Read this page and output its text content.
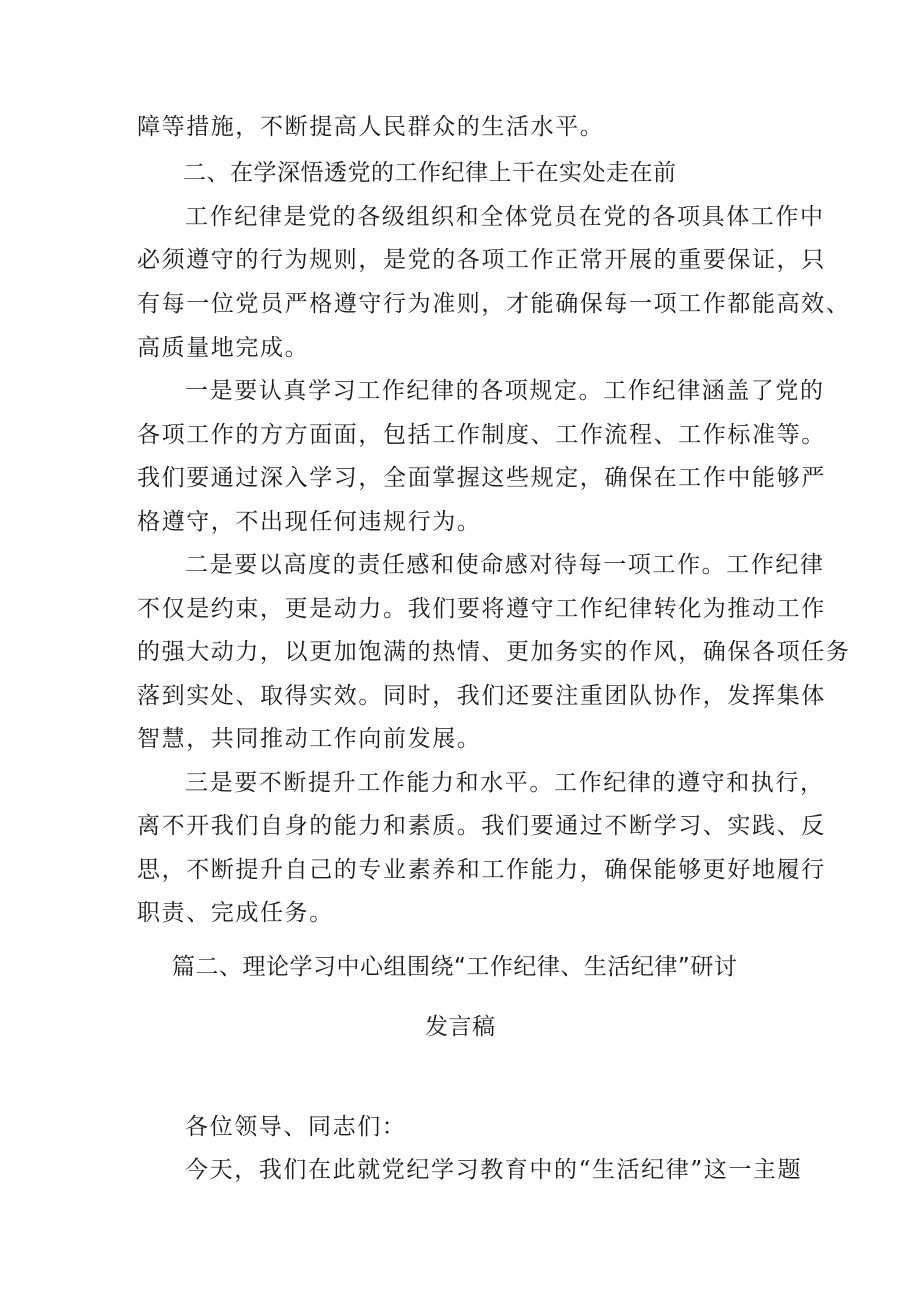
障等措施，不断提高人民群众的生活水平。
二、在学深悟透党的工作纪律上干在实处走在前
工作纪律是党的各级组织和全体党员在党的各项具体工作中
必须遵守的行为规则，是党的各项工作正常开展的重要保证，只
有每一位党员严格遵守行为准则，才能确保每一项工作都能高效、
高质量地完成。
一是要认真学习工作纪律的各项规定。工作纪律涵盖了党的
各项工作的方方面面，包括工作制度、工作流程、工作标准等。
我们要通过深入学习，全面掌握这些规定，确保在工作中能够严
格遵守，不出现任何违规行为。
二是要以高度的责任感和使命感对待每一项工作。工作纪律
不仅是约束，更是动力。我们要将遵守工作纪律转化为推动工作
的强大动力，以更加饱满的热情、更加务实的作风，确保各项任务
落到实处、取得实效。同时，我们还要注重团队协作，发挥集体
智慧，共同推动工作向前发展。
三是要不断提升工作能力和水平。工作纪律的遵守和执行，
离不开我们自身的能力和素质。我们要通过不断学习、实践、反
思，不断提升自己的专业素养和工作能力，确保能够更好地履行
职责、完成任务。
篇二、理论学习中心组围绕“工作纪律、生活纪律”研讨
发言稿
各位领导、同志们：
今天，我们在此就党纪学习教育中的“生活纪律”这一主题
